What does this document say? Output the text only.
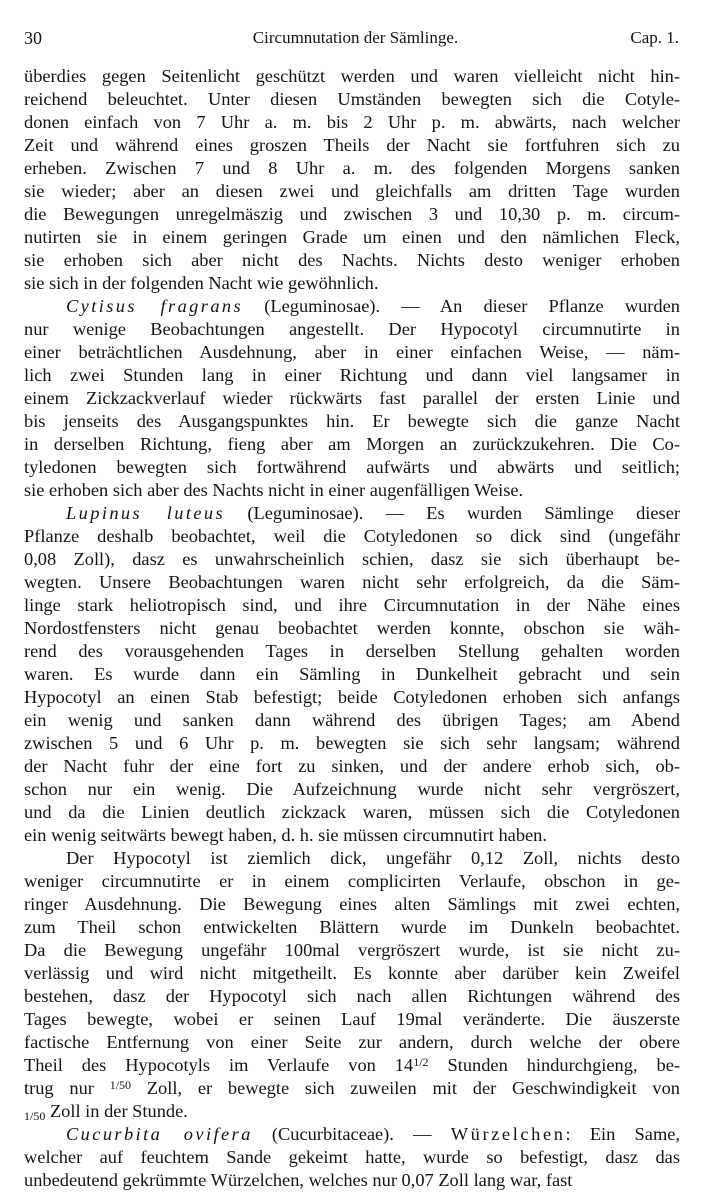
30	Circumnutation der Sämlinge.	Cap. 1.
überdies gegen Seitenlicht geschützt werden und waren vielleicht nicht hin-
reichend beleuchtet. Unter diesen Umständen bewegten sich die Cotyle-
donen einfach von 7 Uhr a. m. bis 2 Uhr p. m. abwärts, nach welcher
Zeit und während eines groszen Theils der Nacht sie fortfuhren sich zu
erheben. Zwischen 7 und 8 Uhr a. m. des folgenden Morgens sanken
sie wieder; aber an diesen zwei und gleichfalls am dritten Tage wurden
die Bewegungen unregelmäszig und zwischen 3 und 10,30 p. m. circum-
nutirten sie in einem geringen Grade um einen und den nämlichen Fleck,
sie erhoben sich aber nicht des Nachts. Nichts desto weniger erhoben
sie sich in der folgenden Nacht wie gewöhnlich.
Cytisus fragrans (Leguminosae). — An dieser Pflanze wurden
nur wenige Beobachtungen angestellt. Der Hypocotyl circumnutirte in
einer beträchtlichen Ausdehnung, aber in einer einfachen Weise, — näm-
lich zwei Stunden lang in einer Richtung und dann viel langsamer in
einem Zickzackverlauf wieder rückwärts fast parallel der ersten Linie und
bis jenseits des Ausgangspunktes hin. Er bewegte sich die ganze Nacht
in derselben Richtung, fieng aber am Morgen an zurückzukehren. Die Co-
tyledonen bewegten sich fortwährend aufwärts und abwärts und seitlich;
sie erhoben sich aber des Nachts nicht in einer augenfälligen Weise.
Lupinus luteus (Leguminosae). — Es wurden Sämlinge dieser
Pflanze deshalb beobachtet, weil die Cotyledonen so dick sind (ungefähr
0,08 Zoll), dasz es unwahrscheinlich schien, dasz sie sich überhaupt be-
wegten. Unsere Beobachtungen waren nicht sehr erfolgreich, da die Säm-
linge stark heliotropisch sind, und ihre Circumnutation in der Nähe eines
Nordostfensters nicht genau beobachtet werden konnte, obschon sie wäh-
rend des vorausgehenden Tages in derselben Stellung gehalten worden
waren. Es wurde dann ein Sämling in Dunkelheit gebracht und sein
Hypocotyl an einen Stab befestigt; beide Cotyledonen erhoben sich anfangs
ein wenig und sanken dann während des übrigen Tages; am Abend
zwischen 5 und 6 Uhr p. m. bewegten sie sich sehr langsam; während
der Nacht fuhr der eine fort zu sinken, und der andere erhob sich, ob-
schon nur ein wenig. Die Aufzeichnung wurde nicht sehr vergröszert,
und da die Linien deutlich zickzack waren, müssen sich die Cotyledonen
ein wenig seitwärts bewegt haben, d. h. sie müssen circumnutirt haben.
Der Hypocotyl ist ziemlich dick, ungefähr 0,12 Zoll, nichts desto
weniger circumnutirte er in einem complicirten Verlaufe, obschon in ge-
ringer Ausdehnung. Die Bewegung eines alten Sämlings mit zwei echten,
zum Theil schon entwickelten Blättern wurde im Dunkeln beobachtet.
Da die Bewegung ungefähr 100mal vergröszert wurde, ist sie nicht zu-
verlässig und wird nicht mitgetheilt. Es konnte aber darüber kein Zweifel
bestehen, dasz der Hypocotyl sich nach allen Richtungen während des
Tages bewegte, wobei er seinen Lauf 19mal veränderte. Die äuszerste
factische Entfernung von einer Seite zur andern, durch welche der obere
Theil des Hypocotyls im Verlaufe von $14^{1/2}$ Stunden hindurchgieng, be-
trug nur $^{1/50}$ Zoll, er bewegte sich zuweilen mit der Geschwindigkeit von
1/50 Zoll in der Stunde.
Cucurbita ovifera (Cucurbitaceae). — Würzelchen: Ein Same,
welcher auf feuchtem Sande gekeimt hatte, wurde so befestigt, dasz das
unbedeutend gekrümmte Würzelchen, welches nur 0,07 Zoll lang war, fast
